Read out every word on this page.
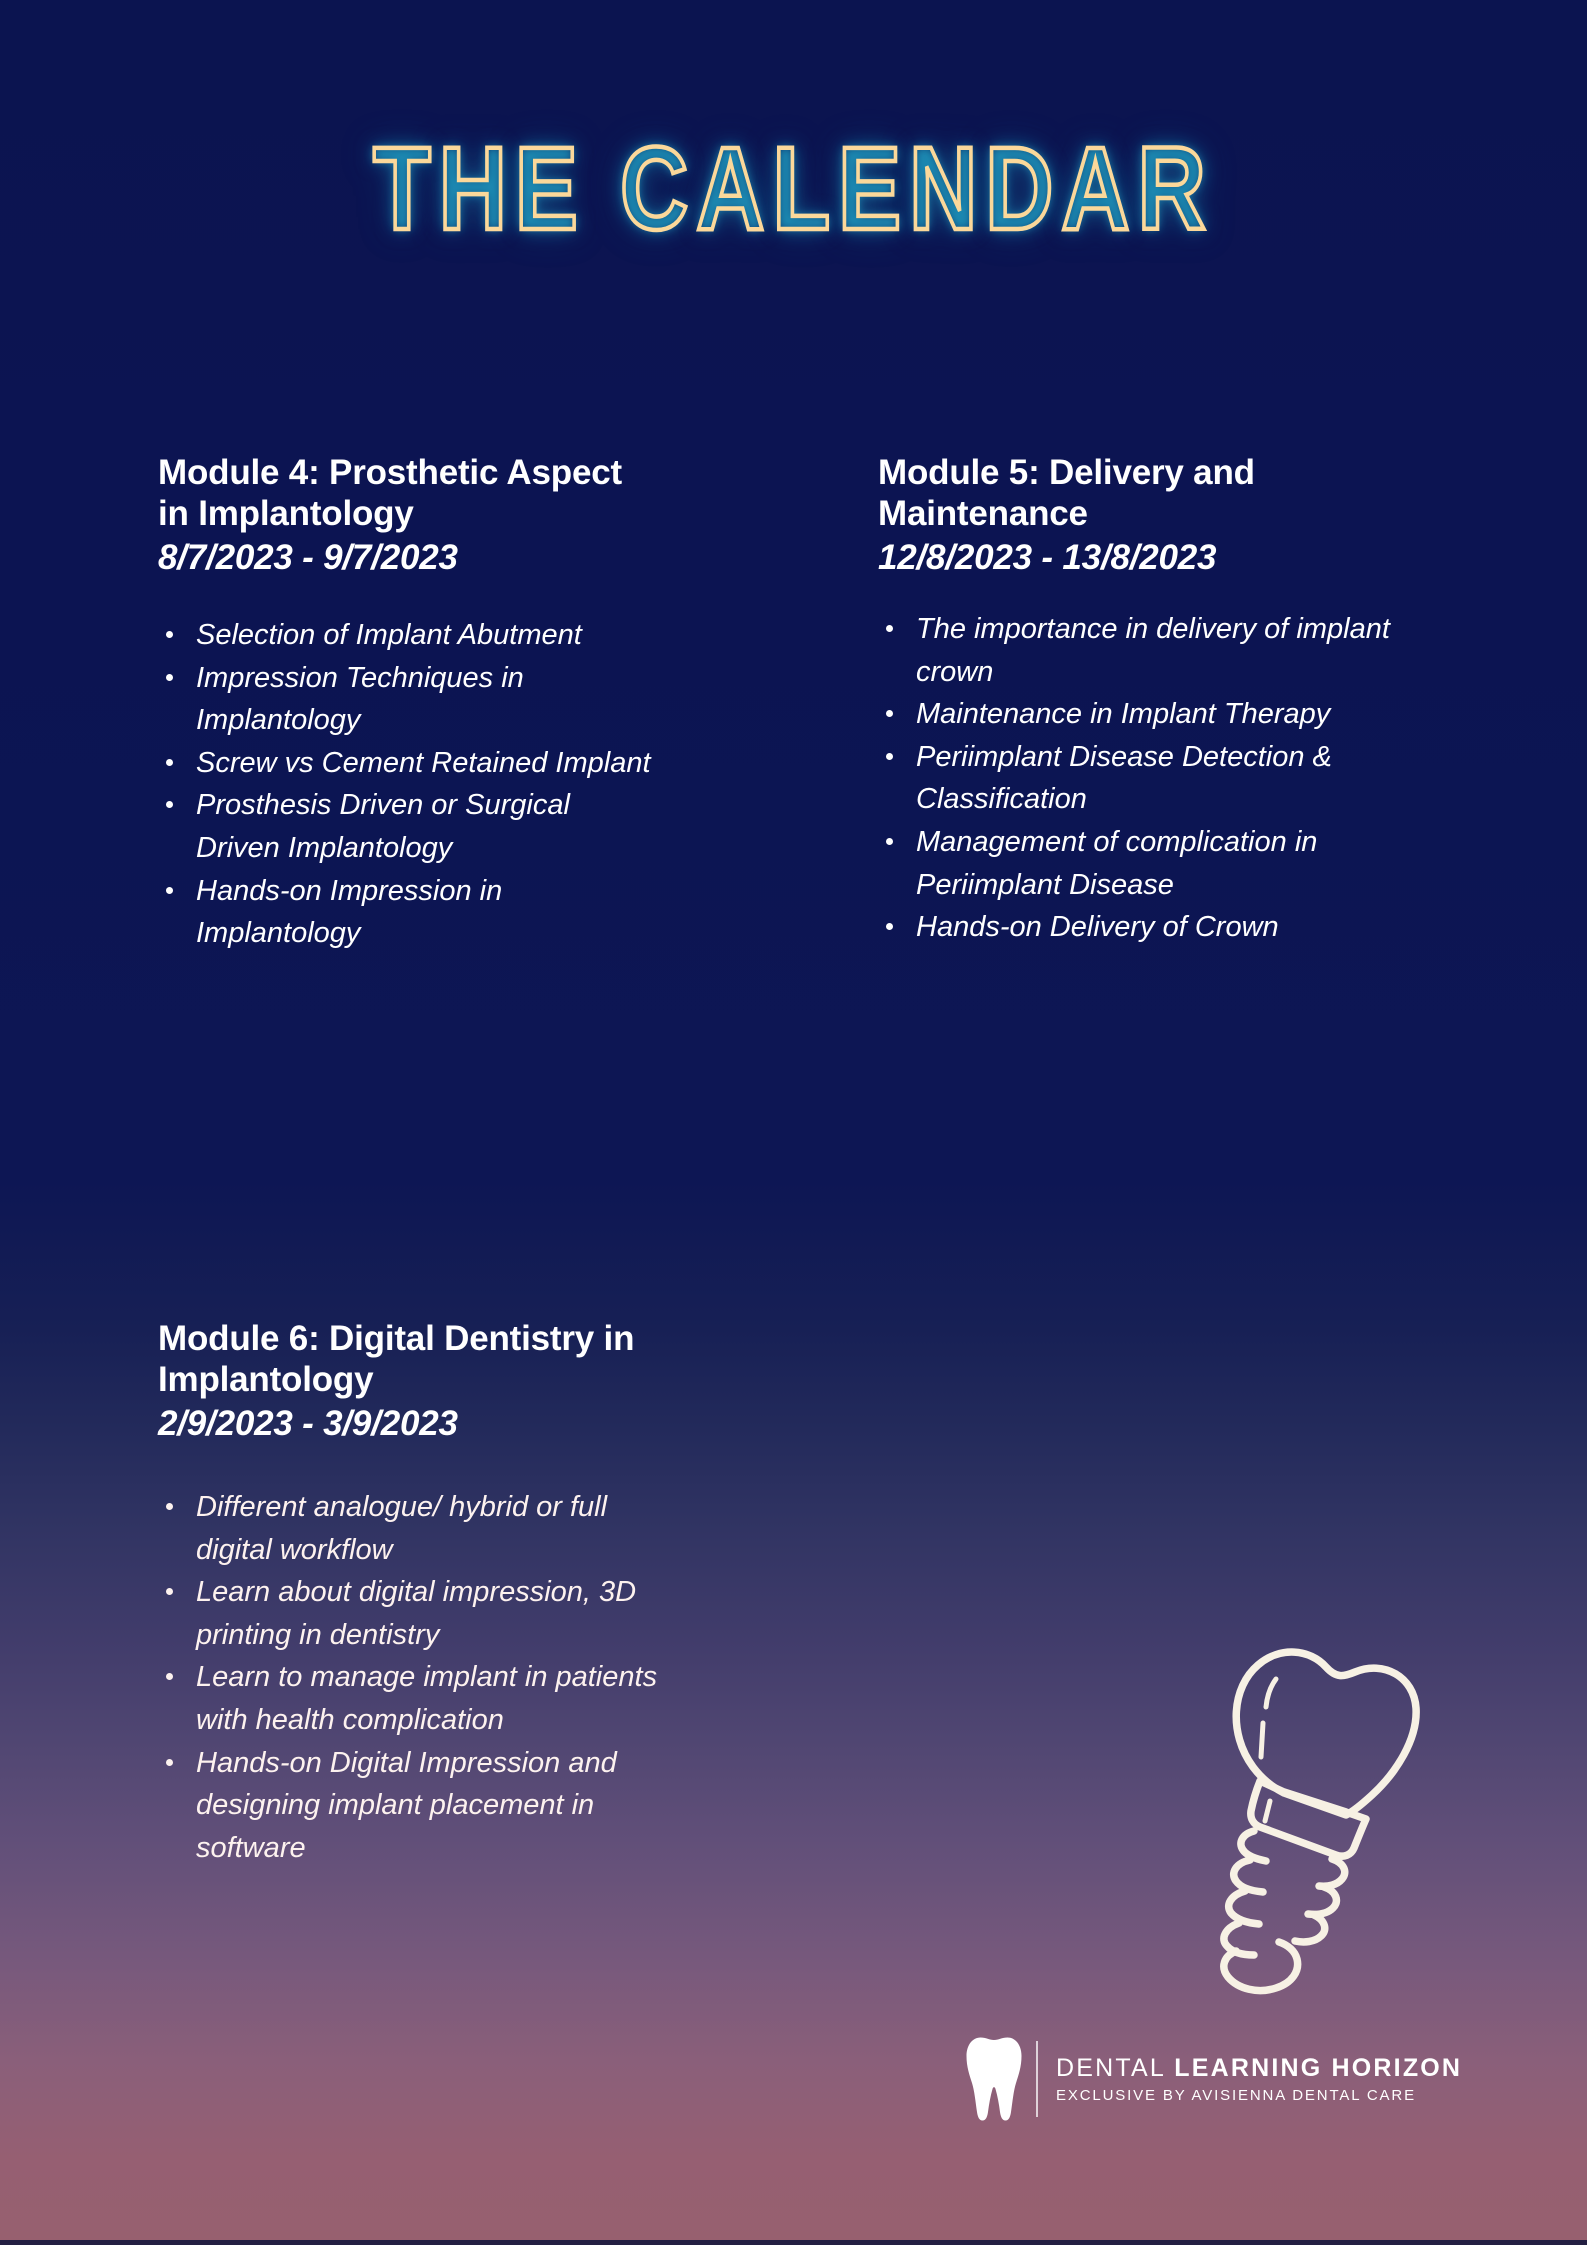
THE CALENDAR
Module 4: Prosthetic Aspect in Implantology
8/7/2023 - 9/7/2023
Selection of Implant Abutment
Impression Techniques in Implantology
Screw vs Cement Retained Implant
Prosthesis Driven or Surgical Driven Implantology
Hands-on Impression in Implantology
Module 5: Delivery and Maintenance
12/8/2023 - 13/8/2023
The importance in delivery of implant crown
Maintenance in Implant Therapy
Periimplant Disease Detection & Classification
Management of complication in Periimplant Disease
Hands-on Delivery of Crown
Module 6: Digital Dentistry in Implantology
2/9/2023 - 3/9/2023
Different analogue/ hybrid or full digital workflow
Learn about digital impression, 3D printing in dentistry
Learn to manage implant in patients with health complication
Hands-on Digital Impression and designing implant placement in software
DENTAL LEARNING HORIZON
EXCLUSIVE BY AVISIENNA DENTAL CARE
